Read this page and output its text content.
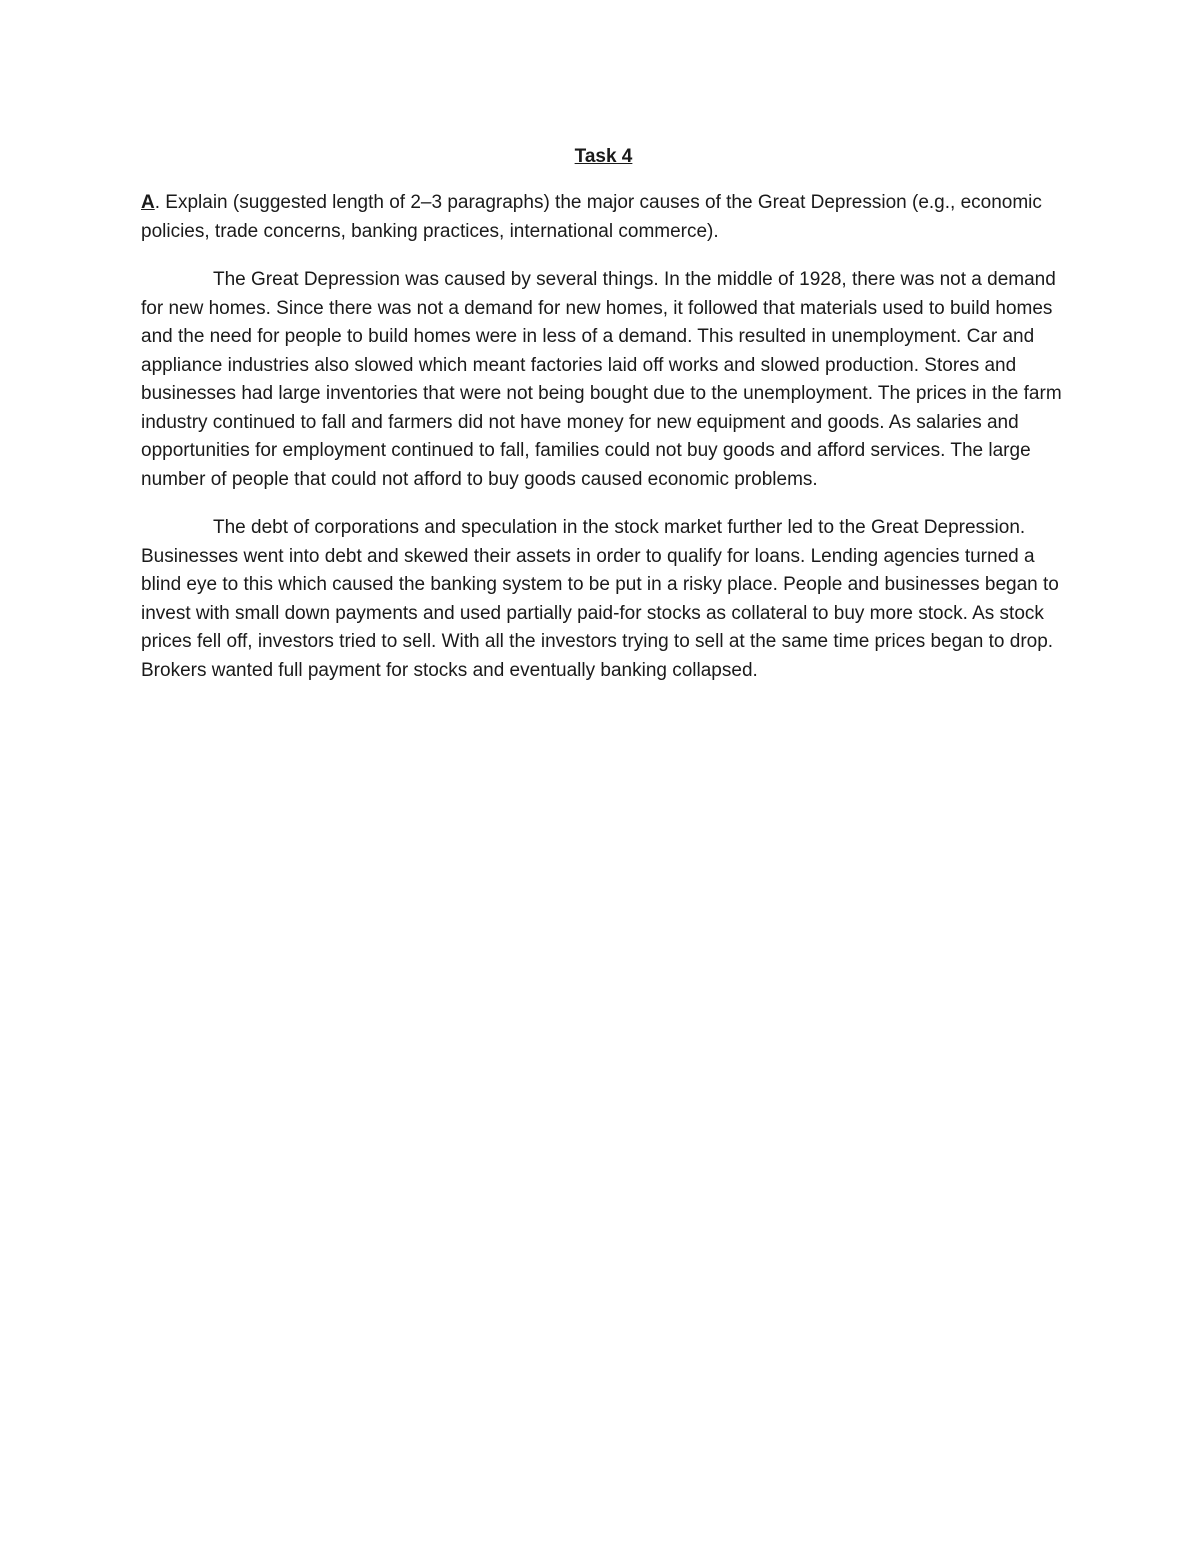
Task 4

A. Explain (suggested length of 2–3 paragraphs) the major causes of the Great Depression (e.g., economic policies, trade concerns, banking practices, international commerce).

The Great Depression was caused by several things. In the middle of 1928, there was not a demand for new homes. Since there was not a demand for new homes, it followed that materials used to build homes and the need for people to build homes were in less of a demand. This resulted in unemployment. Car and appliance industries also slowed which meant factories laid off works and slowed production. Stores and businesses had large inventories that were not being bought due to the unemployment. The prices in the farm industry continued to fall and farmers did not have money for new equipment and goods. As salaries and opportunities for employment continued to fall, families could not buy goods and afford services. The large number of people that could not afford to buy goods caused economic problems.

The debt of corporations and speculation in the stock market further led to the Great Depression. Businesses went into debt and skewed their assets in order to qualify for loans. Lending agencies turned a blind eye to this which caused the banking system to be put in a risky place. People and businesses began to invest with small down payments and used partially paid-for stocks as collateral to buy more stock. As stock prices fell off, investors tried to sell. With all the investors trying to sell at the same time prices began to drop. Brokers wanted full payment for stocks and eventually banking collapsed.
